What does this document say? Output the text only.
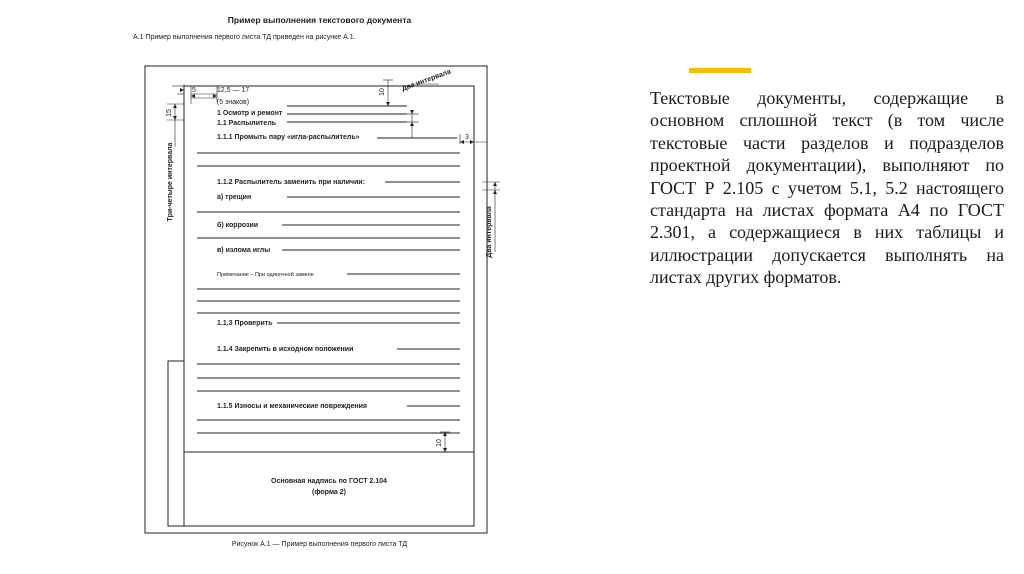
Пример выполнения текстового документа
А.1 Пример выполнения первого листа ТД приведен на рисунке А.1.
5	12,5 — 17
(5 знаков)
10 Два интервала
15
Три-четыре интервала
3
Два интервала
10
1 Осмотр и ремонт
1.1 Распылитель
1.1.1 Промыть пару «игла-распылитель»
1.1.2 Распылитель заменить при наличии:
а) трещин
б) коррозии
в) излома иглы
Примечание – При одиночной замене
1.1.3 Проверить
1.1.4 Закрепить в исходном положении
1.1.5 Износы и механические повреждения
Основная надпись по ГОСТ 2.104
(форма 2)
Рисунок А.1 — Пример выполнения первого листа ТД
Текстовые документы, содержащие в основном сплошной текст (в том числе текстовые части разделов и подразделов проектной документации), выполняют по ГОСТ Р 2.105 с учетом 5.1, 5.2 настоящего стандарта на листах формата А4 по ГОСТ 2.301, а содержащиеся в них таблицы и иллюстрации допускается выполнять на листах других форматов.
